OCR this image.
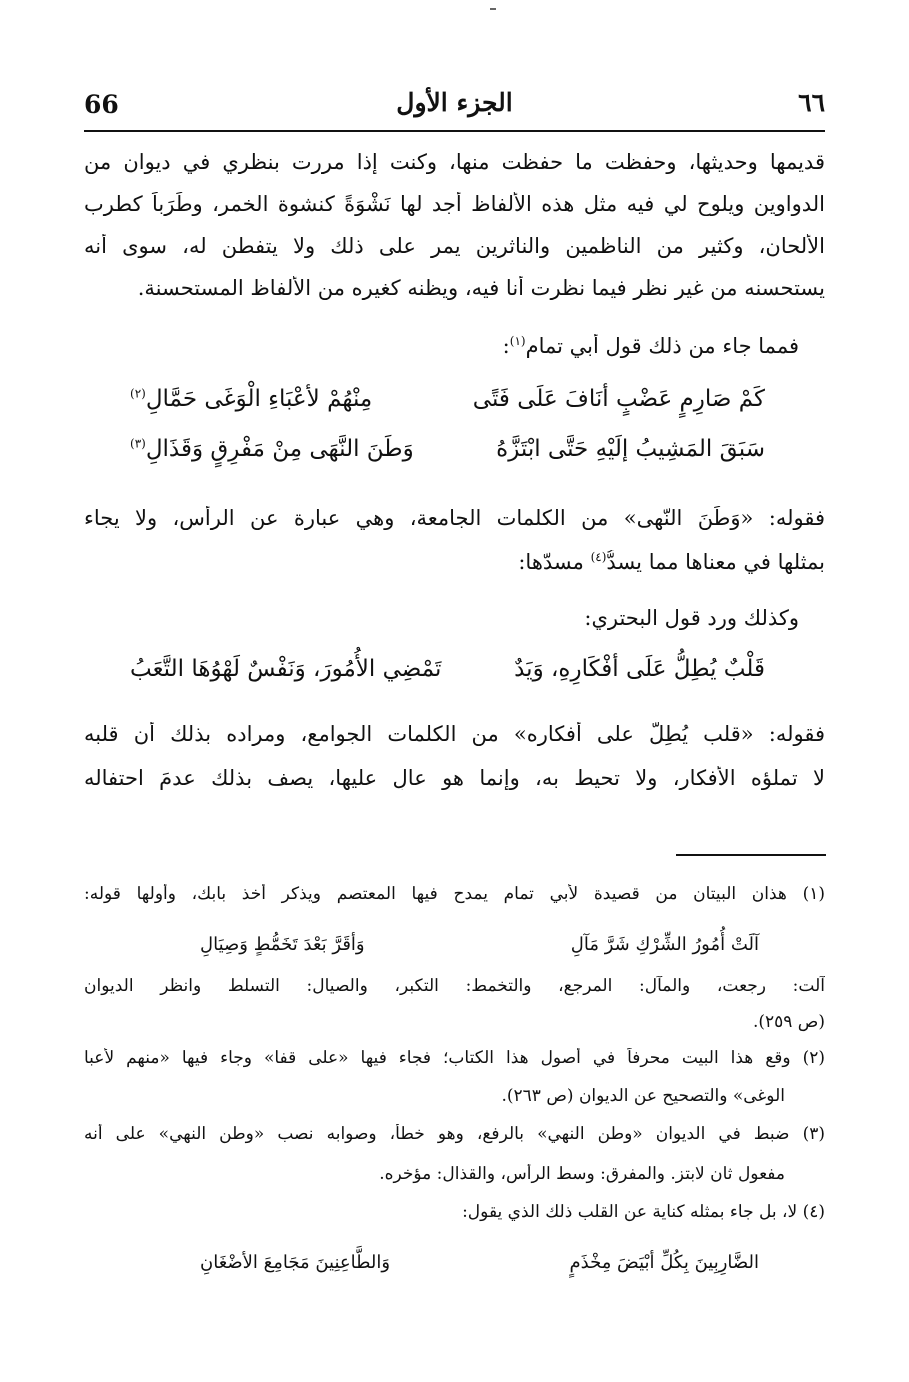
66	الجزء الأول	٦٦
قديمها وحديثها، وحفظت ما حفظت منها، وكنت إذا مررت بنظري في ديوان من
الدواوين ويلوح لي فيه مثل هذه الألفاظ أجد لها نَشْوَةً كنشوة الخمر، وطَرَباً كطرب
الألحان، وكثير من الناظمين والناثرين يمر على ذلك ولا يتفطن له، سوى أنه
يستحسنه من غير نظر فيما نظرت أنا فيه، ويظنه كغيره من الألفاظ المستحسنة.
فمما جاء من ذلك قول أبي تمام$^{(١)}$:
كَمْ صَارِمٍ عَضْبٍ أنَافَ عَلَى فَتًى
مِنْهُمْ لأعْبَاءِ الْوَغَى حَمَّالِ$^{(٢)}$
سَبَقَ المَشِيبُ إلَيْهِ حَتَّى ابْتَزَّهُ
وَطَنَ النَّهَى مِنْ مَفْرِقٍ وَقَذَالِ$^{(٣)}$
فقوله: «وَطَنَ النّهى» من الكلمات الجامعة، وهي عبارة عن الرأس، ولا يجاء
بمثلها في معناها مما يسدُّ$^{(٤)}$ مسدّها:
وكذلك ورد قول البحتري:
قَلْبٌ يُطِلُّ عَلَى أفْكَارِهِ، وَيَدٌ
تَمْضِي الأُمُورَ، وَنَفْسٌ لَهْوُهَا التَّعَبُ
فقوله: «قلب يُطِلّ على أفكاره» من الكلمات الجوامع، ومراده بذلك أن قلبه
لا تملؤه الأفكار، ولا تحيط به، وإنما هو عالٍ عليها، يصف بذلك عدمَ احتفاله
(١) هذان البيتان من قصيدة لأبي تمام يمدح فيها المعتصم ويذكر أخذ بابك، وأولها قوله:
آلَتْ أُمُورُ الشِّرْكِ شَرَّ مَآلِ
وَأقَرَّ بَعْدَ تَخَمُّطٍ وَصِيَالِ
آلت: رجعت، والمآل: المرجع، والتخمط: التكبر، والصيال: التسلط وانظر الديوان
(ص ٢٥٩).
(٢) وقع هذا البيت محرفاً في أصول هذا الكتاب؛ فجاء فيها «على قفا» وجاء فيها «منهم لأعبا
الوغى» والتصحيح عن الديوان (ص ٢٦٣).
(٣) ضبط في الديوان «وطن النهي» بالرفع، وهو خطأ، وصوابه نصب «وطن النهي» على أنه
مفعول ثان لابتز. والمفرق: وسط الرأس، والقذال: مؤخره.
(٤) لا، بل جاء بمثله كناية عن القلب ذلك الذي يقول:
الضَّارِبِينَ بِكُلِّ أبْيَضَ مِخْذَمٍ
وَالطَّاعِنِينَ مَجَامِعَ الأضْغَانِ
